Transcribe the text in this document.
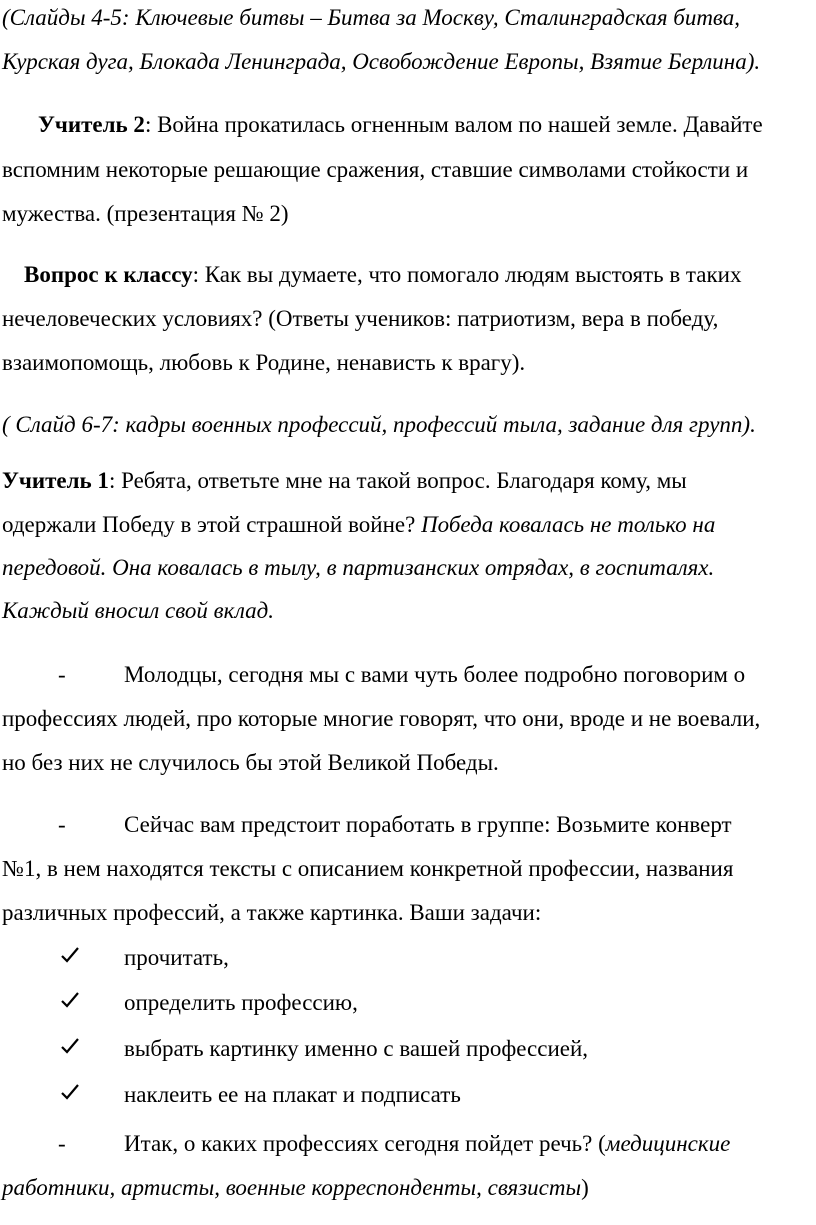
(Слайды 4-5: Ключевые битвы – Битва за Москву, Сталинградская битва,
Курская дуга, Блокада Ленинграда, Освобождение Европы, Взятие Берлина).
Учитель 2: Война прокатилась огненным валом по нашей земле. Давайте
вспомним некоторые решающие сражения, ставшие символами стойкости и
мужества. (презентация № 2)
Вопрос к классу: Как вы думаете, что помогало людям выстоять в таких
нечеловеческих условиях? (Ответы учеников: патриотизм, вера в победу,
взаимопомощь, любовь к Родине, ненависть к врагу).
( Слайд 6-7: кадры военных профессий, профессий тыла, задание для групп).
Учитель 1: Ребята, ответьте мне на такой вопрос. Благодаря кому, мы
одержали Победу в этой страшной войне? Победа ковалась не только на
передовой. Она ковалась в тылу, в партизанских отрядах, в госпиталях.
Каждый вносил свой вклад.
-	Молодцы, сегодня мы с вами чуть более подробно поговорим о
профессиях людей, про которые многие говорят, что они, вроде и не воевали,
но без них не случилось бы этой Великой Победы.
-	Сейчас вам предстоит поработать в группе: Возьмите конверт
№1, в нем находятся тексты с описанием конкретной профессии, названия
различных профессий, а также картинка. Ваши задачи:
прочитать,
определить профессию,
выбрать картинку именно с вашей профессией,
наклеить ее на плакат и подписать
-	Итак, о каких профессиях сегодня пойдет речь? (медицинские
работники, артисты, военные корреспонденты, связисты)
